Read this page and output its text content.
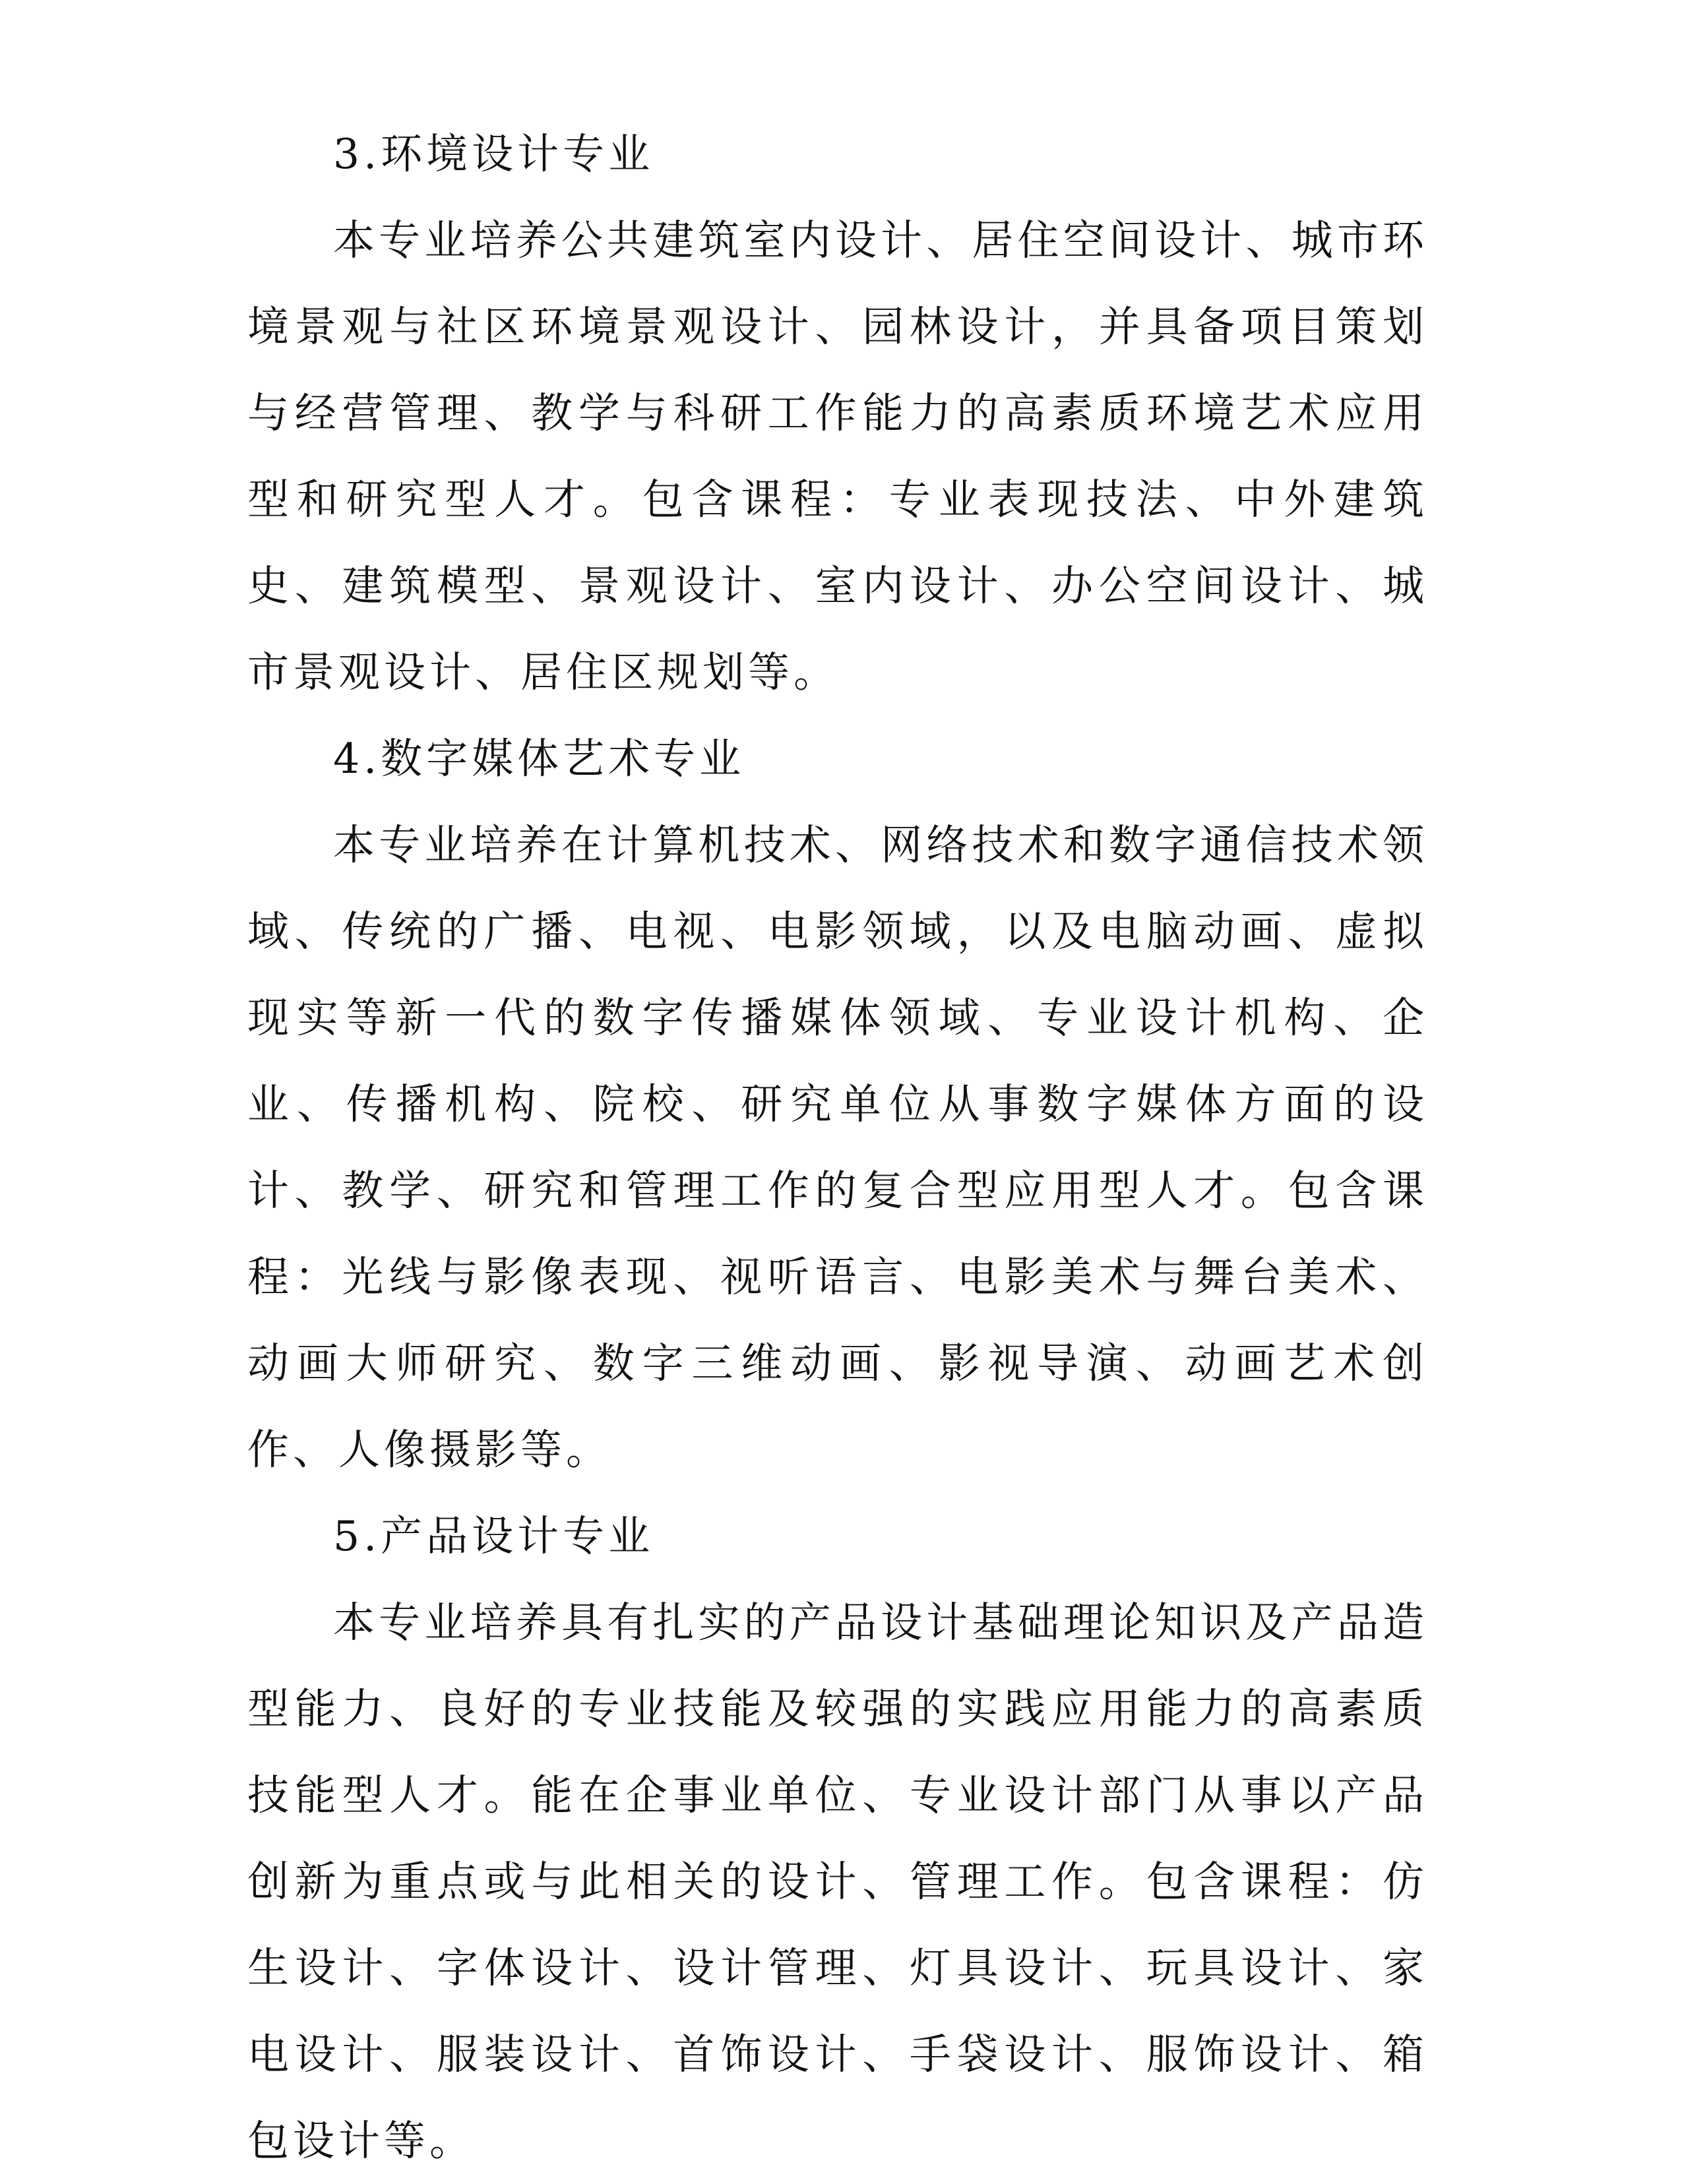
3.环境设计专业

本专业培养公共建筑室内设计、居住空间设计、城市环境景观与社区环境景观设计、园林设计，并具备项目策划与经营管理、教学与科研工作能力的高素质环境艺术应用型和研究型人才。包含课程：专业表现技法、中外建筑史、建筑模型、景观设计、室内设计、办公空间设计、城市景观设计、居住区规划等。

4.数字媒体艺术专业

本专业培养在计算机技术、网络技术和数字通信技术领域、传统的广播、电视、电影领域，以及电脑动画、虚拟现实等新一代的数字传播媒体领域、专业设计机构、企业、传播机构、院校、研究单位从事数字媒体方面的设计、教学、研究和管理工作的复合型应用型人才。包含课程：光线与影像表现、视听语言、电影美术与舞台美术、动画大师研究、数字三维动画、影视导演、动画艺术创作、人像摄影等。

5.产品设计专业

本专业培养具有扎实的产品设计基础理论知识及产品造型能力、良好的专业技能及较强的实践应用能力的高素质技能型人才。能在企事业单位、专业设计部门从事以产品创新为重点或与此相关的设计、管理工作。包含课程：仿生设计、字体设计、设计管理、灯具设计、玩具设计、家电设计、服装设计、首饰设计、手袋设计、服饰设计、箱包设计等。
